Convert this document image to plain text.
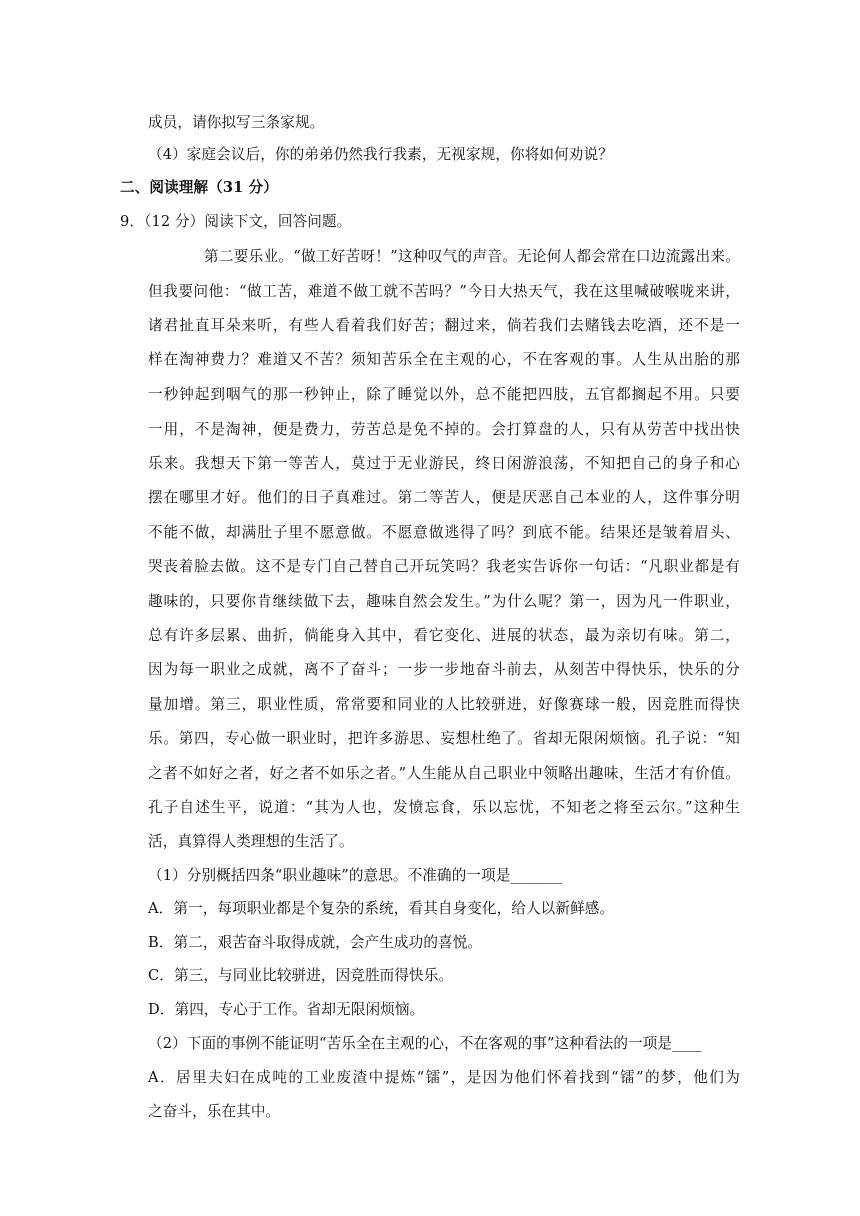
成员，请你拟写三条家规。
（4）家庭会议后，你的弟弟仍然我行我素，无视家规，你将如何劝说？
二、阅读理解（31 分）
9．（12 分）阅读下文，回答问题。
第二要乐业。“做工好苦呀！”这种叹气的声音。无论何人都会常在口边流露出来。
但我要问他：“做工苦，难道不做工就不苦吗？”今日大热天气，我在这里喊破喉咙来讲，
诸君扯直耳朵来听，有些人看着我们好苦；翻过来，倘若我们去赌钱去吃酒，还不是一
样在淘神费力？难道又不苦？须知苦乐全在主观的心，不在客观的事。人生从出胎的那
一秒钟起到咽气的那一秒钟止，除了睡觉以外，总不能把四肢，五官都搁起不用。只要
一用，不是淘神，便是费力，劳苦总是免不掉的。会打算盘的人，只有从劳苦中找出快
乐来。我想天下第一等苦人，莫过于无业游民，终日闲游浪荡，不知把自己的身子和心
摆在哪里才好。他们的日子真难过。第二等苦人，便是厌恶自己本业的人，这件事分明
不能不做，却满肚子里不愿意做。不愿意做逃得了吗？到底不能。结果还是皱着眉头、
哭丧着脸去做。这不是专门自己替自己开玩笑吗？我老实告诉你一句话：“凡职业都是有
趣味的，只要你肯继续做下去，趣味自然会发生。”为什么呢？第一，因为凡一件职业，
总有许多层累、曲折，倘能身入其中，看它变化、进展的状态，最为亲切有味。第二，
因为每一职业之成就，离不了奋斗；一步一步地奋斗前去，从刻苦中得快乐，快乐的分
量加增。第三，职业性质，常常要和同业的人比较骈进，好像赛球一般，因竞胜而得快
乐。第四，专心做一职业时，把许多游思、妄想杜绝了。省却无限闲烦恼。孔子说：“知
之者不如好之者，好之者不如乐之者。”人生能从自己职业中领略出趣味，生活才有价值。
孔子自述生平，说道：“其为人也，发愤忘食，乐以忘忧，不知老之将至云尔。”这种生
活，真算得人类理想的生活了。
（1）分别概括四条“职业趣味”的意思。不准确的一项是_______
A．第一，每项职业都是个复杂的系统，看其自身变化，给人以新鲜感。
B．第二，艰苦奋斗取得成就，会产生成功的喜悦。
C．第三，与同业比较骈进，因竞胜而得快乐。
D．第四，专心于工作。省却无限闲烦恼。
（2）下面的事例不能证明“苦乐全在主观的心，不在客观的事”这种看法的一项是____
A．居里夫妇在成吨的工业废渣中提炼“镭”，是因为他们怀着找到“镭”的梦，他们为
之奋斗，乐在其中。
